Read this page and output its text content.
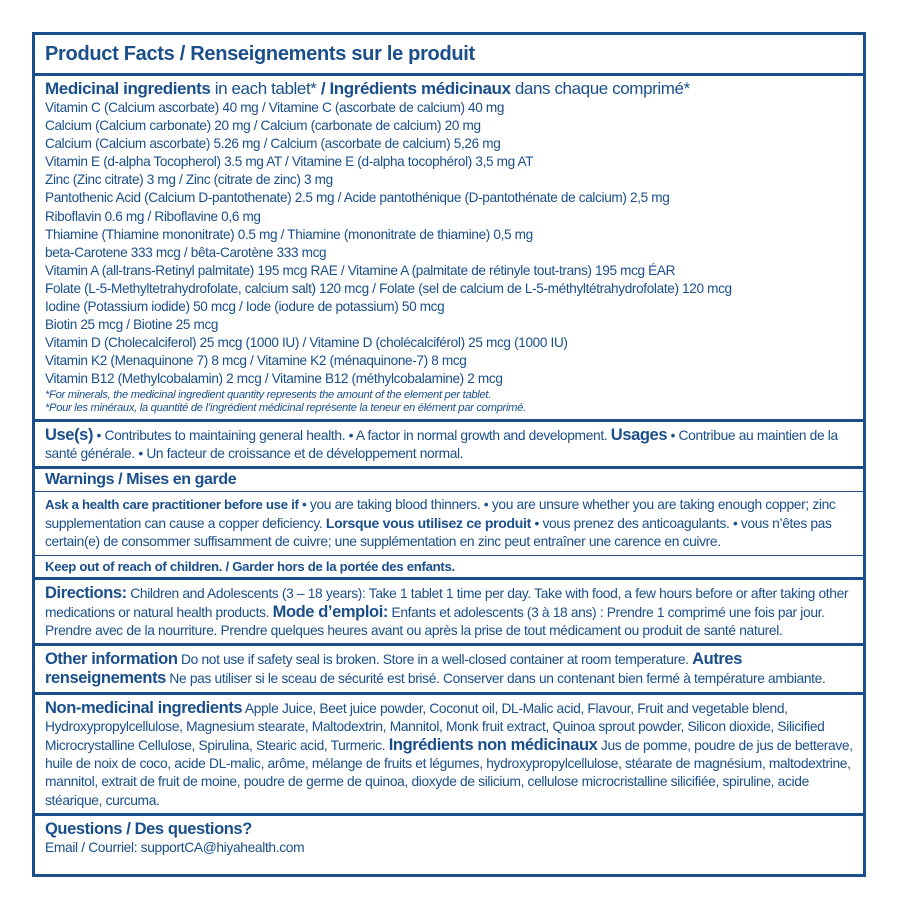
Product Facts / Renseignements sur le produit
Medicinal ingredients in each tablet* / Ingrédients médicinaux dans chaque comprimé*
Vitamin C (Calcium ascorbate) 40 mg / Vitamine C (ascorbate de calcium) 40 mg
Calcium (Calcium carbonate) 20 mg / Calcium (carbonate de calcium) 20 mg
Calcium (Calcium ascorbate) 5.26 mg / Calcium (ascorbate de calcium) 5,26 mg
Vitamin E (d-alpha Tocopherol) 3.5 mg AT / Vitamine E (d-alpha tocophérol) 3,5 mg AT
Zinc (Zinc citrate) 3 mg / Zinc (citrate de zinc) 3 mg
Pantothenic Acid (Calcium D-pantothenate) 2.5 mg / Acide pantothénique (D-pantothénate de calcium) 2,5 mg
Riboflavin 0.6 mg / Riboflavine 0,6 mg
Thiamine (Thiamine mononitrate) 0.5 mg / Thiamine (mononitrate de thiamine) 0,5 mg
beta-Carotene 333 mcg / bêta-Carotène 333 mcg
Vitamin A (all-trans-Retinyl palmitate) 195 mcg RAE / Vitamine A (palmitate de rétinyle tout-trans) 195 mcg ÉAR
Folate (L-5-Methyltetrahydrofolate, calcium salt) 120 mcg / Folate (sel de calcium de L-5-méthyltétrahydrofolate) 120 mcg
Iodine (Potassium iodide) 50 mcg / Iode (iodure de potassium) 50 mcg
Biotin 25 mcg / Biotine 25 mcg
Vitamin D (Cholecalciferol) 25 mcg (1000 IU) / Vitamine D (cholécalciférol) 25 mcg (1000 IU)
Vitamin K2 (Menaquinone 7) 8 mcg / Vitamine K2 (ménaquinone-7) 8 mcg
Vitamin B12 (Methylcobalamin) 2 mcg / Vitamine B12 (méthylcobalamine) 2 mcg
*For minerals, the medicinal ingredient quantity represents the amount of the element per tablet.
*Pour les minéraux, la quantité de l’ingrédient médicinal représente la teneur en élément par comprimé.
Use(s) • Contributes to maintaining general health. • A factor in normal growth and development. Usages • Contribue au maintien de la santé générale. • Un facteur de croissance et de développement normal.
Warnings / Mises en garde
Ask a health care practitioner before use if • you are taking blood thinners. • you are unsure whether you are taking enough copper; zinc supplementation can cause a copper deficiency. Lorsque vous utilisez ce produit • vous prenez des anticoagulants. • vous n’êtes pas certain(e) de consommer suffisamment de cuivre; une supplémentation en zinc peut entraîner une carence en cuivre.
Keep out of reach of children. / Garder hors de la portée des enfants.
Directions: Children and Adolescents (3 – 18 years): Take 1 tablet 1 time per day. Take with food, a few hours before or after taking other medications or natural health products. Mode d’emploi: Enfants et adolescents (3 à 18 ans) : Prendre 1 comprimé une fois par jour. Prendre avec de la nourriture. Prendre quelques heures avant ou après la prise de tout médicament ou produit de santé naturel.
Other information Do not use if safety seal is broken. Store in a well-closed container at room temperature. Autres renseignements Ne pas utiliser si le sceau de sécurité est brisé. Conserver dans un contenant bien fermé à température ambiante.
Non-medicinal ingredients Apple Juice, Beet juice powder, Coconut oil, DL-Malic acid, Flavour, Fruit and vegetable blend, Hydroxypropylcellulose, Magnesium stearate, Maltodextrin, Mannitol, Monk fruit extract, Quinoa sprout powder, Silicon dioxide, Silicified Microcrystalline Cellulose, Spirulina, Stearic acid, Turmeric. Ingrédients non médicinaux Jus de pomme, poudre de jus de betterave, huile de noix de coco, acide DL-malic, arôme, mélange de fruits et légumes, hydroxypropylcellulose, stéarate de magnésium, maltodextrine, mannitol, extrait de fruit de moine, poudre de germe de quinoa, dioxyde de silicium, cellulose microcristalline silicifiée, spiruline, acide stéarique, curcuma.
Questions / Des questions?
Email / Courriel: supportCA@hiyahealth.com
